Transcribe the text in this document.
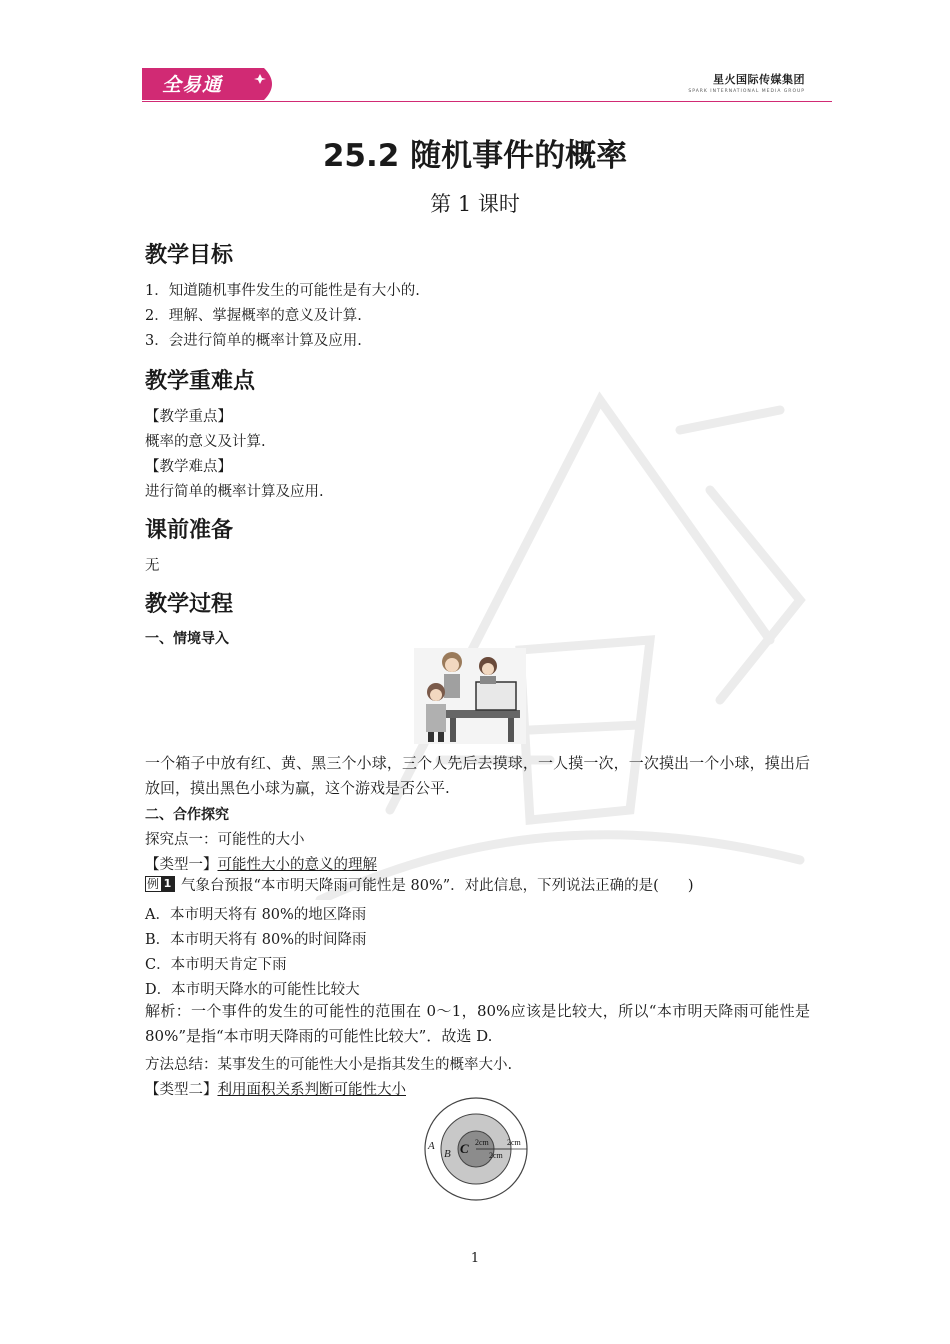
全易通	星火国际传媒集团
SPARK INTERNATIONAL MEDIA GROUP
25.2 随机事件的概率
第 1 课时
教学目标
1．知道随机事件发生的可能性是有大小的.
2．理解、掌握概率的意义及计算.
3．会进行简单的概率计算及应用.
教学重难点
【教学重点】
概率的意义及计算.
【教学难点】
进行简单的概率计算及应用.
课前准备
无
教学过程
一、情境导入
一个箱子中放有红、黄、黑三个小球，三个人先后去摸球，一人摸一次，一次摸出一个小球，摸出后放回，摸出黑色小球为赢，这个游戏是否公平.
二、合作探究
探究点一：可能性的大小
【类型一】可能性大小的意义的理解
例 1 气象台预报“本市明天降雨可能性是 80%”．对此信息，下列说法正确的是(　　)
A．本市明天将有 80%的地区降雨
B．本市明天将有 80%的时间降雨
C．本市明天肯定下雨
D．本市明天降水的可能性比较大
解析：一个事件的发生的可能性的范围在 0～1，80%应该是比较大，所以“本市明天降雨可能性是 80%”是指“本市明天降雨的可能性比较大”．故选 D.
方法总结：某事发生的可能性大小是指其发生的概率大小.
【类型二】利用面积关系判断可能性大小
A
B C 2cm 2cm
2cm
1
